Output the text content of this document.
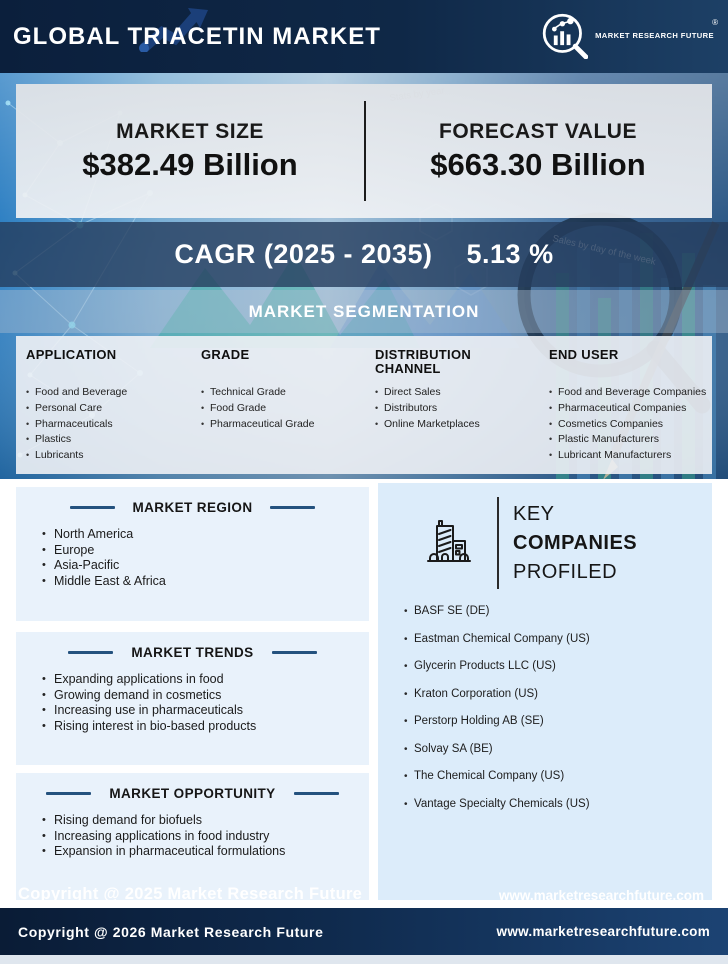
GLOBAL TRIACETIN MARKET	MARKET RESEARCH FUTURE
®
MARKET SIZE
$382.49 Billion
FORECAST VALUE
$663.30 Billion
CAGR (2025 - 2035) 5.13 %
MARKET SEGMENTATION
APPLICATION
• Food and Beverage
• Personal Care
• Pharmaceuticals
• Plastics
• Lubricants
GRADE
• Technical Grade
• Food Grade
• Pharmaceutical Grade
DISTRIBUTION CHANNEL
• Direct Sales
• Distributors
• Online Marketplaces
END USER
• Food and Beverage Companies
• Pharmaceutical Companies
• Cosmetics Companies
• Plastic Manufacturers
• Lubricant Manufacturers
MARKET REGION
• North America
• Europe
• Asia-Pacific
• Middle East & Africa
MARKET TRENDS
• Expanding applications in food
• Growing demand in cosmetics
• Increasing use in pharmaceuticals
• Rising interest in bio-based products
MARKET OPPORTUNITY
• Rising demand for biofuels
• Increasing applications in food industry
• Expansion in pharmaceutical formulations
KEY
COMPANIES
PROFILED
• BASF SE (DE)
• Eastman Chemical Company (US)
• Glycerin Products LLC (US)
• Kraton Corporation (US)
• Perstorp Holding AB (SE)
• Solvay SA (BE)
• The Chemical Company (US)
• Vantage Specialty Chemicals (US)
Copyright @ 2025 Market Research Future	www.marketresearchfuture.com
Copyright @ 2026 Market Research Future	www.marketresearchfuture.com
